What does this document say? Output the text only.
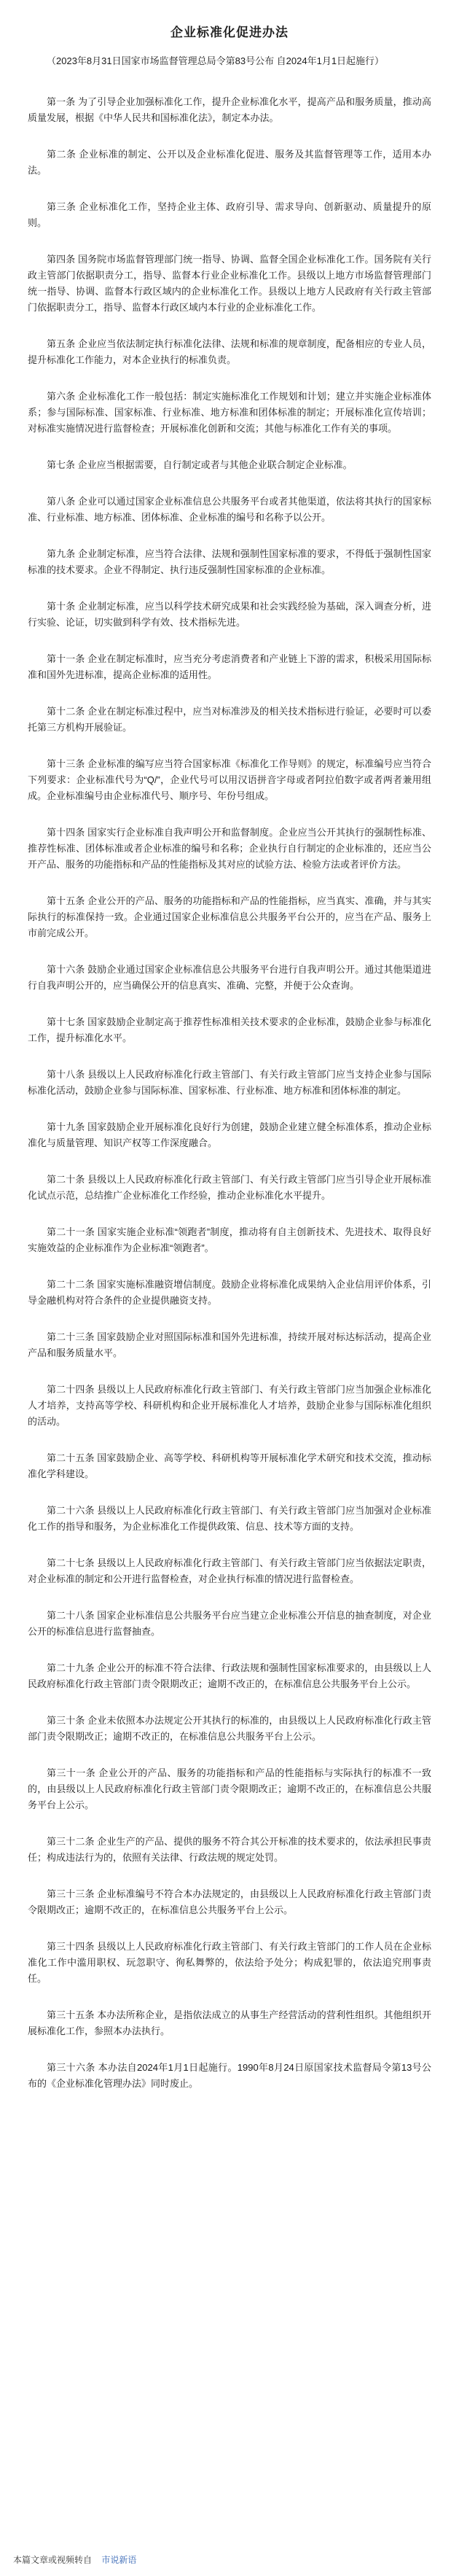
企业标准化促进办法
（2023年8月31日国家市场监督管理总局令第83号公布 自2024年1月1日起施行）

第一条 为了引导企业加强标准化工作，提升企业标准化水平，提高产品和服务质量，推动高质量发展，根据《中华人民共和国标准化法》，制定本办法。

第二条 企业标准的制定、公开以及企业标准化促进、服务及其监督管理等工作，适用本办法。

第三条 企业标准化工作，坚持企业主体、政府引导、需求导向、创新驱动、质量提升的原则。

第四条 国务院市场监督管理部门统一指导、协调、监督全国企业标准化工作。国务院有关行政主管部门依据职责分工，指导、监督本行业企业标准化工作。县级以上地方市场监督管理部门统一指导、协调、监督本行政区域内的企业标准化工作。县级以上地方人民政府有关行政主管部门依据职责分工，指导、监督本行政区域内本行业的企业标准化工作。

第五条 企业应当依法制定执行标准化法律、法规和标准的规章制度，配备相应的专业人员，提升标准化工作能力，对本企业执行的标准负责。

第六条 企业标准化工作一般包括：制定实施标准化工作规划和计划；建立并实施企业标准体系；参与国际标准、国家标准、行业标准、地方标准和团体标准的制定；开展标准化宣传培训；对标准实施情况进行监督检查；开展标准化创新和交流；其他与标准化工作有关的事项。

第七条 企业应当根据需要，自行制定或者与其他企业联合制定企业标准。

第八条 企业可以通过国家企业标准信息公共服务平台或者其他渠道，依法将其执行的国家标准、行业标准、地方标准、团体标准、企业标准的编号和名称予以公开。

第九条 企业制定标准，应当符合法律、法规和强制性国家标准的要求，不得低于强制性国家标准的技术要求。企业不得制定、执行违反强制性国家标准的企业标准。

第十条 企业制定标准，应当以科学技术研究成果和社会实践经验为基础，深入调查分析，进行实验、论证，切实做到科学有效、技术指标先进。

第十一条 企业在制定标准时，应当充分考虑消费者和产业链上下游的需求，积极采用国际标准和国外先进标准，提高企业标准的适用性。

第十二条 企业在制定标准过程中，应当对标准涉及的相关技术指标进行验证，必要时可以委托第三方机构开展验证。

第十三条 企业标准的编写应当符合国家标准《标准化工作导则》的规定，标准编号应当符合下列要求：企业标准代号为“Q/”，企业代号可以用汉语拼音字母或者阿拉伯数字或者两者兼用组成。企业标准编号由企业标准代号、顺序号、年份号组成。

第十四条 国家实行企业标准自我声明公开和监督制度。企业应当公开其执行的强制性标准、推荐性标准、团体标准或者企业标准的编号和名称；企业执行自行制定的企业标准的，还应当公开产品、服务的功能指标和产品的性能指标及其对应的试验方法、检验方法或者评价方法。

第十五条 企业公开的产品、服务的功能指标和产品的性能指标，应当真实、准确，并与其实际执行的标准保持一致。企业通过国家企业标准信息公共服务平台公开的，应当在产品、服务上市前完成公开。

第十六条 鼓励企业通过国家企业标准信息公共服务平台进行自我声明公开。通过其他渠道进行自我声明公开的，应当确保公开的信息真实、准确、完整，并便于公众查询。

第十七条 国家鼓励企业制定高于推荐性标准相关技术要求的企业标准，鼓励企业参与标准化工作，提升标准化水平。

第十八条 县级以上人民政府标准化行政主管部门、有关行政主管部门应当支持企业参与国际标准化活动，鼓励企业参与国际标准、国家标准、行业标准、地方标准和团体标准的制定。

第十九条 国家鼓励企业开展标准化良好行为创建，鼓励企业建立健全标准体系，推动企业标准化与质量管理、知识产权等工作深度融合。

第二十条 县级以上人民政府标准化行政主管部门、有关行政主管部门应当引导企业开展标准化试点示范，总结推广企业标准化工作经验，推动企业标准化水平提升。

第二十一条 国家实施企业标准“领跑者”制度，推动将有自主创新技术、先进技术、取得良好实施效益的企业标准作为企业标准“领跑者”。

第二十二条 国家实施标准融资增信制度。鼓励企业将标准化成果纳入企业信用评价体系，引导金融机构对符合条件的企业提供融资支持。

第二十三条 国家鼓励企业对照国际标准和国外先进标准，持续开展对标达标活动，提高企业产品和服务质量水平。

第二十四条 县级以上人民政府标准化行政主管部门、有关行政主管部门应当加强企业标准化人才培养，支持高等学校、科研机构和企业开展标准化人才培养，鼓励企业参与国际标准化组织的活动。

第二十五条 国家鼓励企业、高等学校、科研机构等开展标准化学术研究和技术交流，推动标准化学科建设。

第二十六条 县级以上人民政府标准化行政主管部门、有关行政主管部门应当加强对企业标准化工作的指导和服务，为企业标准化工作提供政策、信息、技术等方面的支持。

第二十七条 县级以上人民政府标准化行政主管部门、有关行政主管部门应当依据法定职责，对企业标准的制定和公开进行监督检查，对企业执行标准的情况进行监督检查。

第二十八条 国家企业标准信息公共服务平台应当建立企业标准公开信息的抽查制度，对企业公开的标准信息进行监督抽查。

第二十九条 企业公开的标准不符合法律、行政法规和强制性国家标准要求的，由县级以上人民政府标准化行政主管部门责令限期改正；逾期不改正的，在标准信息公共服务平台上公示。

第三十条 企业未依照本办法规定公开其执行的标准的，由县级以上人民政府标准化行政主管部门责令限期改正；逾期不改正的，在标准信息公共服务平台上公示。

第三十一条 企业公开的产品、服务的功能指标和产品的性能指标与实际执行的标准不一致的，由县级以上人民政府标准化行政主管部门责令限期改正；逾期不改正的，在标准信息公共服务平台上公示。

第三十二条 企业生产的产品、提供的服务不符合其公开标准的技术要求的，依法承担民事责任；构成违法行为的，依照有关法律、行政法规的规定处罚。

第三十三条 企业标准编号不符合本办法规定的，由县级以上人民政府标准化行政主管部门责令限期改正；逾期不改正的，在标准信息公共服务平台上公示。

第三十四条 县级以上人民政府标准化行政主管部门、有关行政主管部门的工作人员在企业标准化工作中滥用职权、玩忽职守、徇私舞弊的，依法给予处分；构成犯罪的，依法追究刑事责任。

第三十五条 本办法所称企业，是指依法成立的从事生产经营活动的营利性组织。其他组织开展标准化工作，参照本办法执行。

第三十六条 本办法自2024年1月1日起施行。1990年8月24日原国家技术监督局令第13号公布的《企业标准化管理办法》同时废止。

本篇文章或视频转自 市说新语
